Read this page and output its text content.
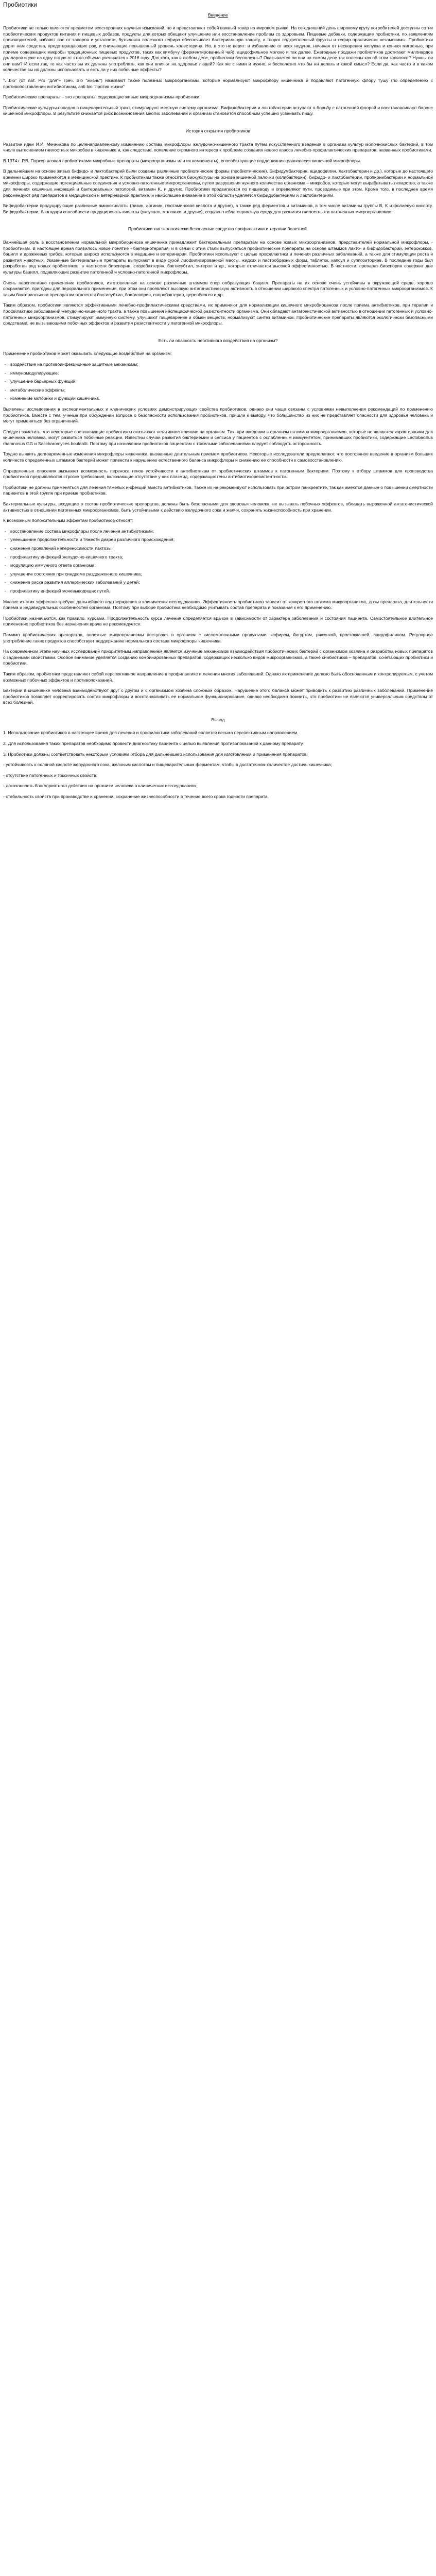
Пробиотики
Введение

Пробиотики не только являются предметом всесторонних научных изысканий, но и представляют собой важный товар на мировом рынке. На сегодняшний день широкому кругу потребителей доступны сотни пробиотических продуктов питания и пищевых добавок, продукты для котрых обещают улучшение или восстановление проблем со здоровьем. Пищевые добавки, содержащие пробиотики, по заявлениям производителей, избавят вас от запоров и усталости, бутылочка полезного кефира обеспечивает бактериальную защиту, а творог подкрепленный фрукты и кефир практически незаменимы. Пробиотики дарят нам средства, предотвращающие рак, и снижающие повышенный уровень холестерина. Но, в это не верят: и избавление от всех недугов, начиная от несварения желудка и кончая мигренью, при приеме содержащих микробы традиционных пищевых продуктов, таких как кимбучу (ферментированный чай), ацидофильное молоко и так далее. Ежегодные продажи пробиотиков достигают миллиардов долларов и уже на одну пятую от этого объема увеличатся к 2016 году. Для кого, как в любом деле, пробиотики бесполезны? Оказывается ли они на самом деле так полезны как об этом заявляют? Нужны ли они вам? И если так, то как часто вы их должны употреблять, как они влияют на здоровье людей? Как же с ними и нужно, и бесполезно что бы ни делать и какой смысл? Если да, как часто и в каком количестве вы их должны использовать и есть ли у них побочные эффекты?

"…bio" (от лат. Pro "для"+ греч. Bio "жизнь") называют также полезных микроорганизмы, которые нормализуют микрофлору кишечника и подавляют патогенную флору тушу (по определению с противопоставлении антибиотикам, anti bio "против жизни"

Пробиотические препараты – это препараты, содержащие живые микроорганизмы-пробиотики.

Пробиотические культуры попадая в пищеварительный тракт, стимулируют местную систему организма. Бифидобактерии и лактобактерии вступают в борьбу с патогенной флорой и восстанавливают баланс кишечной микрофлоры. В результате снижается риск возникновения многих заболеваний и организм становится способным успешно усваивать пищу.

История открытия пробиотиков

Развитие идеи И.И. Мечникова по целенаправленному изменению состава микрофлоры желудочно-кишечного тракта путем искусственного введения в организм культур молочнокислых бактерий, в том числе вытеснением гнилостных микробов в кишечнике и, как следствие, появление огромного интереса к проблеме создания нового класса лечебно-профилактических препаратов, названных пробиотиками.

В 1974 г. Р.В. Паркер назвал пробиотиками микробные препараты (микроорганизмы или их компоненты), способствующие поддержанию равновесия кишечной микрофлоры.

В дальнейшем на основе живых бифидо- и лактобактерий были созданы различные пробиотические формы (пробиотические). Бифидумбактерин, ацидофилин, лактобактерин и др.), которые до настоящего времени широко применяются в медицинской практике. К пробиотикам также относятся биокультуры на основе кишечной палочки (колибактерин), бифидо- и лактобактерии, пропионибактерии и нормальной микрофлоры, содержащие потенциальные соединения и условно-патогенные микроорганизмы, путем разрушения нужного количества организма – микробов, которые могут вырабатывать лекарство, а также для лечения кишечных инфекций и бактериальных патологий, витамин K, и других. Пробиотики продвигаются по пищеводу и определяют пути, проводимые при этом. Кроме того, в последнее время рекомендуют ряд препаратов в медицинской и ветеринарной практике, и наибольшее внимание в этой области уделяется бифидобактериям и лактобактериям.

Бифидобактерии продуцирующие различные аминокислоты (лизин, аргинин, глютаминовая кислота и другие), а также ряд ферментов и витаминов, в том числе витамины группы B, K и фолиевую кислоту. Бифидобактерии, благодаря способности продуцировать кислоты (уксусная, молочная и другие), создают неблагоприятную среду для развития гнилостных и патогенных микроорганизмов.

Пробиотики как экологически безопасные средства профилактики и терапии болезней.

Важнейшая роль в восстановлении нормальной микробиоценоза кишечника принадлежит бактериальным препаратам на основе живых микроорганизмов, представителей нормальной микрофлоры, - пробиотикам. В настоящее время появилось новое понятие - бактериотерапия, и в связи с этим стали выпускаться пробиотические препараты на основе штаммов лакто- и бифидобактерий, энтерококков, бацилл и дрожжевых грибов, которые широко используются в медицине и ветеринарии. Пробиотики используют с целью профилактики и лечения различных заболеваний, а также для стимуляции роста и развития животных. Указанные бактериальные препараты выпускают в виде сухой лиофилизированной массы, жидких и пастообразных форм, таблеток, капсул и суппозиториев. В последние годы был разработан ряд новых пробиотиков, в частности биоспорин, споробактерин, бактисубтил, энтерол и др., которые отличаются высокой эффективностью. В частности, препарат биоспорин содержит две культуры бацилл, подавляющих развитие патогенной и условно-патогенной микрофлоры.

Очень перспективно применение пробиотиков, изготовленных на основе различных штаммов спор ообразующих бацилл. Препараты на их основе очень устойчивы в окружающей среде, хорошо сохраняются, пригодны для перорального применения, при этом они проявляют высокую антагонистическую активность в отношении широкого спектра патогенных и условно-патогенных микроорганизмов. К таким бактериальным препаратам относятся бактисубтил, бактиспорин, споробактерин, цереобиоген и др.

Таким образом, пробиотики являются эффективными лечебно-профилактическими средствами, их применяют для нормализации кишечного микробиоценоза после приема антибиотиков, при терапии и профилактике заболеваний желудочно-кишечного тракта, а также повышения неспецифической резистентности организма. Они обладают антагонистической активностью в отношении патогенных и условно-патогенных микроорганизмов, стимулируют иммунную систему, улучшают пищеварение и обмен веществ, нормализуют синтез витаминов. Пробиотические препараты являются экологически безопасными средствами, не вызывающими побочных эффектов и развития резистентности у патогенной микрофлоры.

Есть ли опасность негативного воздействия на организм?

Применение пробиотиков может оказывать следующие воздействия на организм:

- воздействие на противоинфекционные защитные механизмы;
- иммуномодулирующее;
- улучшение барьерных функций;
- метаболические эффекты;
- изменение моторики и функции кишечника.

Выявлены исследования в экспериментальных и клинических условиях демонстрирующих свойства пробиотиков, однако они чаще связаны с условиями невыполнения рекомендаций по применению пробиотиков. Вместе с тем, ученые при обсуждении вопроса о безопасности использования пробиотиков, пришли к выводу, что большинство из них не представляет опасности для здоровья человека и могут применяться без ограничений.

Следует заметить, что некоторые составляющие пробиотиков оказывают негативное влияние на организм. Так, при введении в организм штаммов микроорганизмов, которые не являются характерными для кишечника человека, могут развиться побочные реакции. Известны случаи развития бактериемии и сепсиса у пациентов с ослабленным иммунитетом, принимавших пробиотики, содержащие Lactobacillus rhamnosus GG и Saccharomyces boulardii. Поэтому при назначении пробиотиков пациентам с тяжелыми заболеваниями следует соблюдать осторожность.

Трудно выявить долговременные изменения микрофлоры кишечника, вызванные длительным приемом пробиотиков. Некоторые исследователи предполагают, что постоянное введение в организм больших количеств определенных штаммов бактерий может привести к нарушению естественного баланса микрофлоры и снижению ее способности к самовосстановлению.

Определенные опасения вызывает возможность переноса генов устойчивости к антибиотикам от пробиотических штаммов к патогенным бактериям. Поэтому к отбору штаммов для производства пробиотиков предъявляются строгие требования, включающие отсутствие у них плазмид, содержащих гены антибиотикорезистентности.

Пробиотики не должны применяться для лечения тяжелых инфекций вместо антибиотиков. Также их не рекомендуют использовать при остром панкреатите, так как имеются данные о повышении смертности пациентов в этой группе при приеме пробиотиков.

Бактериальные культуры, входящие в состав пробиотических препаратов, должны быть безопасными для здоровья человека, не вызывать побочных эффектов, обладать выраженной антагонистической активностью в отношении патогенных микроорганизмов, быть устойчивыми к действию желудочного сока и желчи, сохранять жизнеспособность при хранении.

К возможным положительным эффектам пробиотиков относят:

- восстановление состава микрофлоры после лечения антибиотиками;
- уменьшение продолжительности и тяжести диареи различного происхождения;
- снижение проявлений непереносимости лактозы;
- профилактику инфекций желудочно-кишечного тракта;
- модуляцию иммунного ответа организма;
- улучшение состояния при синдроме раздраженного кишечника;
- снижение риска развития аллергических заболеваний у детей;
- профилактику инфекций мочевыводящих путей.

Многие из этих эффектов требуют дальнейшего подтверждения в клинических исследованиях. Эффективность пробиотиков зависит от конкретного штамма микроорганизма, дозы препарата, длительности приема и индивидуальных особенностей организма. Поэтому при выборе пробиотика необходимо учитывать состав препарата и показания к его применению.

Пробиотики назначаются, как правило, курсами. Продолжительность курса лечения определяется врачом в зависимости от характера заболевания и состояния пациента. Самостоятельное длительное применение пробиотиков без назначения врача не рекомендуется.

Помимо пробиотических препаратов, полезные микроорганизмы поступают в организм с кисломолочными продуктами: кефиром, йогуртом, ряженкой, простоквашей, ацидофилином. Регулярное употребление таких продуктов способствует поддержанию нормального состава микрофлоры кишечника.

На современном этапе научных исследований приоритетным направлением является изучение механизмов взаимодействия пробиотических бактерий с организмом хозяина и разработка новых препаратов с заданными свойствами. Особое внимание уделяется созданию комбинированных препаратов, содержащих несколько видов микроорганизмов, а также синбиотиков – препаратов, сочетающих пробиотики и пребиотики.

Таким образом, пробиотики представляют собой перспективное направление в профилактике и лечении многих заболеваний. Однако их применение должно быть обоснованным и контролируемым, с учетом возможных побочных эффектов и противопоказаний.

Бактерии в кишечнике человека взаимодействуют друг с другом и с организмом хозяина сложным образом. Нарушение этого баланса может приводить к развитию различных заболеваний. Применение пробиотиков позволяет корректировать состав микрофлоры и восстанавливать ее нормальное функционирование, однако необходимо помнить, что пробиотики не являются универсальным средством от всех болезней.

Вывод
1. Использование пробиотиков в настоящее время для лечения и профилактики заболеваний является весьма перспективным направлением.
2. Для использования таких препаратов необходимо провести диагностику пациента с целью выявления противопоказаний к данному препарату.
3. Пробиотики должны соответствовать некоторым условиям отбора для дальнейшего использования для изготовления и применения препаратов:
- устойчивость к соляной кислоте желудочного сока, желчным кислотам и пищеварительным ферментам, чтобы в достаточном количестве достичь кишечника;
- отсутствие патогенных и токсичных свойств;
- доказанность благоприятного действия на организм человека в клинических исследованиях;
- стабильность свойств при производстве и хранении, сохранение жизнеспособности в течение всего срока годности препарата.
